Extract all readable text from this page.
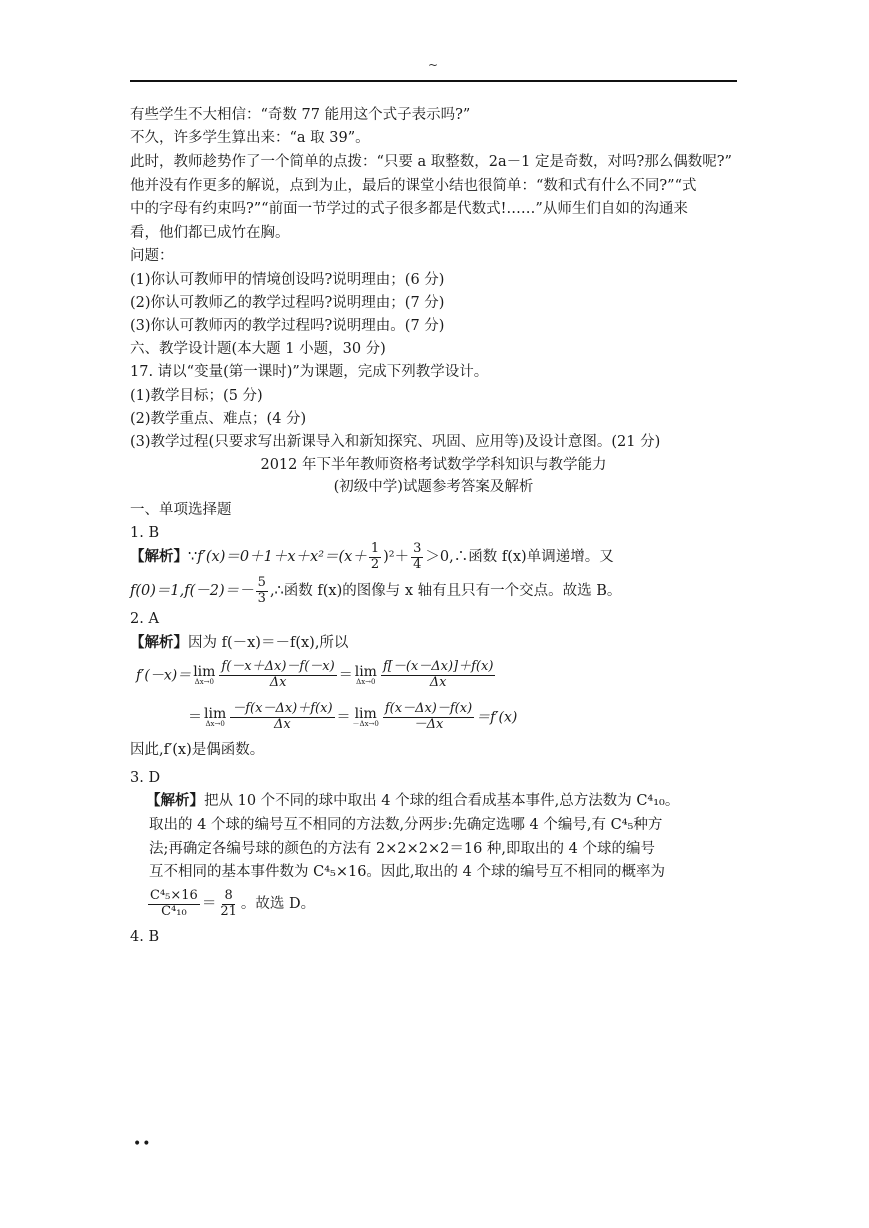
~
有些学生不大相信：“奇数 77 能用这个式子表示吗?”
不久，许多学生算出来：“a 取 39”。
此时，教师趁势作了一个简单的点拨：“只要 a 取整数，2a－1 定是奇数，对吗?那么偶数呢?”
他并没有作更多的解说，点到为止，最后的课堂小结也很简单：“数和式有什么不同?”“式
中的字母有约束吗?”“前面一节学过的式子很多都是代数式!……”从师生们自如的沟通来
看，他们都已成竹在胸。
问题：
(1)你认可教师甲的情境创设吗?说明理由；(6 分)
(2)你认可教师乙的教学过程吗?说明理由；(7 分)
(3)你认可教师丙的教学过程吗?说明理由。(7 分)
六、教学设计题(本大题 1 小题，30 分)
17. 请以“变量(第一课时)”为课题，完成下列教学设计。
(1)教学目标；(5 分)
(2)教学重点、难点；(4 分)
(3)教学过程(只要求写出新课导入和新知探究、巩固、应用等)及设计意图。(21 分)
2012 年下半年教师资格考试数学学科知识与教学能力
(初级中学)试题参考答案及解析
一、单项选择题
1. B
【解析】∵f′(x)＝0＋1＋x＋x²＝(x＋ $\frac{1}{2} )^2+ \frac{3}{4}$ ＞0,∴函数 f(x)单调递增。又
$f(0)=1,f(-2)=- \frac{5}{3}$ ,∴函数 f(x)的图像与 x 轴有且只有一个交点。故选 B。
2. A
【解析】因为 f(－x)＝－f(x),所以
f′(－x)＝ lim
$\Delta x\to 0 \frac{f(-x+\Delta x)-f(-x)}{\Delta x} = \lim$
$\Delta x\to 0 \frac{f[-(x-\Delta x)]+f(x)}{\Delta x}$
＝ lim
$\Delta x\to 0 \frac{-f(x-\Delta x)+f(x)}{\Delta x} = \lim$
$-\Delta x\to 0 \frac{f(x-\Delta x)-f(x)}{-\Delta x} =f'(x)$
因此,f′(x)是偶函数。
3. D
【解析】把从 10 个不同的球中取出 4 个球的组合看成基本事件,总方法数为 C⁴₁₀。
取出的 4 个球的编号互不相同的方法数,分两步:先确定选哪 4 个编号,有 C⁴₅种方
法;再确定各编号球的颜色的方法有 2×2×2×2＝16 种,即取出的 4 个球的编号
互不相同的基本事件数为 C⁴₅×16。因此,取出的 4 个球的编号互不相同的概率为
$\frac{\text{C⁴₅×16}}{\text{C⁴₁₀}} = \frac{8}{21}$ 。故选 D。
4. B
••
